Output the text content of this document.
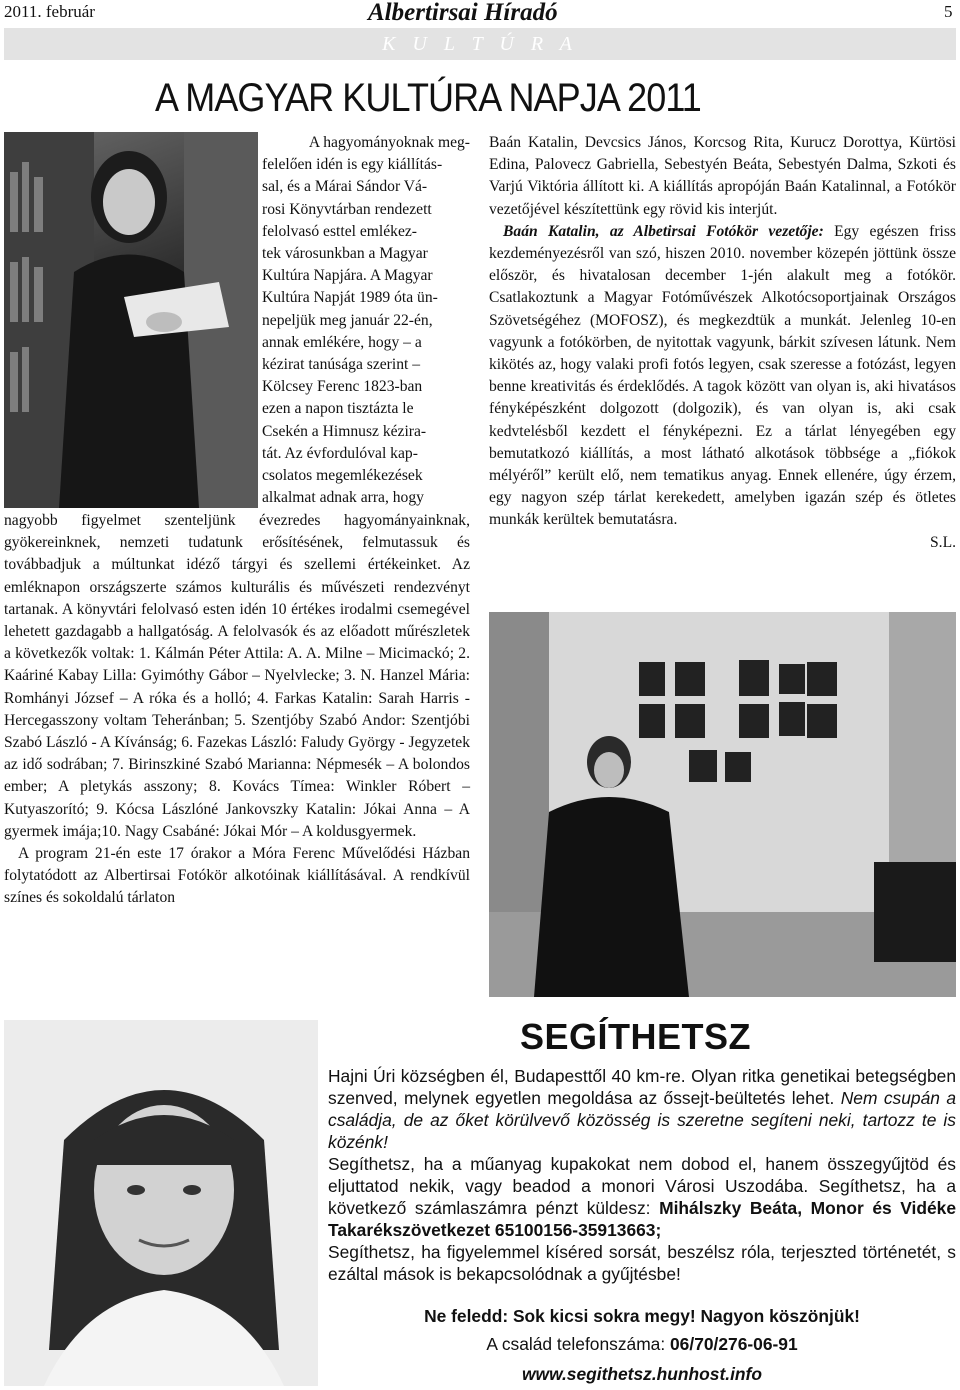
2011. február	Albertirsai Híradó	5
K U L T Ú R A
A MAGYAR KULTÚRA NAPJA 2011
A hagyományoknak meg-
felelően idén is egy kiállítás-
sal, és a Márai Sándor Vá-
rosi Könyvtárban rendezett
felolvasó esttel emlékez-
tek városunkban a Magyar
Kultúra Napjára. A Magyar
Kultúra Napját 1989 óta ün-
nepeljük meg január 22-én,
annak emlékére, hogy – a
kézirat tanúsága szerint –
Kölcsey Ferenc 1823-ban
ezen a napon tisztázta le
Csekén a Himnusz kézira-
tát. Az évfordulóval kap-
csolatos megemlékezések
alkalmat adnak arra, hogy

nagyobb figyelmet szenteljünk évezredes hagyományainknak, gyökereinknek, nemzeti tudatunk erősítésének, felmutassuk és továbbadjuk a múltunkat idéző tárgyi és szellemi értékeinket. Az emléknapon országszerte számos kulturális és művészeti rendezvényt tartanak. A könyvtári felolvasó esten idén 10 értékes irodalmi csemegével lehetett gazdagabb a hallgatóság. A felolvasók és az előadott műrészletek a következők voltak: 1. Kálmán Péter Attila: A. A. Milne – Micimackó; 2. Kaáriné Kabay Lilla: Gyimóthy Gábor – Nyelvlecke; 3. N. Hanzel Mária: Romhányi József – A róka és a holló; 4. Farkas Katalin: Sarah Harris - Hercegasszony voltam Teheránban; 5. Szentjóby Szabó Andor: Szentjóbi Szabó László - A Kívánság; 6. Fazekas László: Faludy György - Jegyzetek az idő sodrában; 7. Birinszkiné Szabó Marianna: Népmesék – A bolondos ember; A pletykás asszony; 8. Kovács Tímea: Winkler Róbert – Kutyaszorító; 9. Kócsa Lászlóné Jankovszky Katalin: Jókai Anna – A gyermek imája;10. Nagy Csabáné: Jókai Mór – A koldusgyermek.

A program 21-én este 17 órakor a Móra Ferenc Művelődési Házban folytatódott az Albertirsai Fotókör alkotóinak kiállításával. A rendkívül színes és sokoldalú tárlaton

Baán Katalin, Devcsics János, Korcsog Rita, Kurucz Dorottya, Kürtösi Edina, Palovecz Gabriella, Sebestyén Beáta, Sebestyén Dalma, Szkoti és Varjú Viktória állított ki. A kiállítás apropóján Baán Katalinnal, a Fotókör vezetőjével készítettünk egy rövid kis interjút.

Baán Katalin, az Albetirsai Fotókör vezetője: Egy egészen friss kezdeményezésről van szó, hiszen 2010. november közepén jöttünk össze először, és hivatalosan december 1-jén alakult meg a fotókör. Csatlakoztunk a Magyar Fotóművészek Alkotócsoportjainak Országos Szövetségéhez (MOFOSZ), és megkezdtük a munkát. Jelenleg 10-en vagyunk a fotókörben, de nyitottak vagyunk, bárkit szívesen látunk. Nem kikötés az, hogy valaki profi fotós legyen, csak szeresse a fotózást, legyen benne kreativitás és érdeklődés. A tagok között van olyan is, aki hivatásos fényképészként dolgozott (dolgozik), és van olyan is, aki csak kedvtelésből kezdett el fényképezni. Ez a tárlat lényegében egy bemutatkozó kiállítás, a most látható alkotások többsége a „fiókok mélyéről” került elő, nem tematikus anyag. Ennek ellenére, úgy érzem, egy nagyon szép tárlat kerekedett, amelyben igazán szép és ötletes munkák kerültek bemutatásra.

S.L.

SEGÍTHETSZ

Hajni Úri községben él, Budapesttől 40 km-re. Olyan ritka genetikai betegségben szenved, melynek egyetlen megoldása az őssejt-beültetés lehet. Nem csupán a családja, de az őket körülvevő közösség is szeretne segíteni neki, tartozz te is közénk!

Segíthetsz, ha a műanyag kupakokat nem dobod el, hanem összegyűjtöd és eljuttatod nekik, vagy beadod a monori Városi Uszodába. Segíthetsz, ha a következő számlaszámra pénzt küldesz: Mihálszky Beáta, Monor és Vidéke Takarékszövetkezet 65100156-35913663;

Segíthetsz, ha figyelemmel kíséred sorsát, beszélsz róla, terjeszted történetét, s ezáltal mások is bekapcsolódnak a gyűjtésbe!

Ne feledd: Sok kicsi sokra megy! Nagyon köszönjük!
A család telefonszáma: 06/70/276-06-91
www.segithetsz.hunhost.info
